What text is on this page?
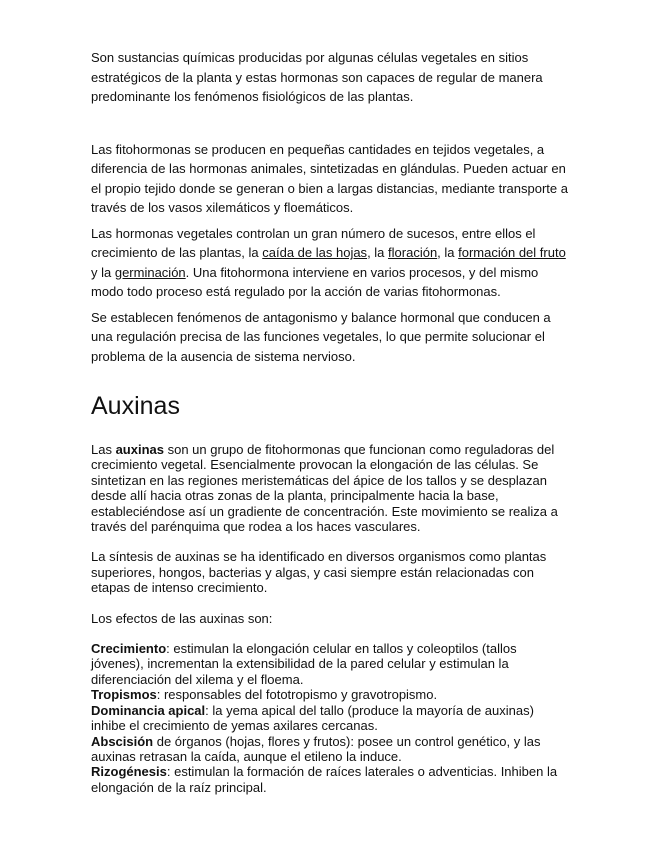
Son sustancias químicas producidas por algunas células vegetales en sitios estratégicos de la planta y estas hormonas son capaces de regular de manera predominante los fenómenos fisiológicos de las plantas.

Las fitohormonas se producen en pequeñas cantidades en tejidos vegetales, a diferencia de las hormonas animales, sintetizadas en glándulas. Pueden actuar en el propio tejido donde se generan o bien a largas distancias, mediante transporte a través de los vasos xilemáticos y floemáticos.

Las hormonas vegetales controlan un gran número de sucesos, entre ellos el crecimiento de las plantas, la caída de las hojas, la floración, la formación del fruto y la germinación. Una fitohormona interviene en varios procesos, y del mismo modo todo proceso está regulado por la acción de varias fitohormonas.

Se establecen fenómenos de antagonismo y balance hormonal que conducen a una regulación precisa de las funciones vegetales, lo que permite solucionar el problema de la ausencia de sistema nervioso.

Auxinas

Las auxinas son un grupo de fitohormonas que funcionan como reguladoras del crecimiento vegetal. Esencialmente provocan la elongación de las células. Se sintetizan en las regiones meristemáticas del ápice de los tallos y se desplazan desde allí hacia otras zonas de la planta, principalmente hacia la base, estableciéndose así un gradiente de concentración. Este movimiento se realiza a través del parénquima que rodea a los haces vasculares.

La síntesis de auxinas se ha identificado en diversos organismos como plantas superiores, hongos, bacterias y algas, y casi siempre están relacionadas con etapas de intenso crecimiento.

Los efectos de las auxinas son:

Crecimiento: estimulan la elongación celular en tallos y coleoptilos (tallos jóvenes), incrementan la extensibilidad de la pared celular y estimulan la diferenciación del xilema y el floema.
Tropismos: responsables del fototropismo y gravotropismo.
Dominancia apical: la yema apical del tallo (produce la mayoría de auxinas) inhibe el crecimiento de yemas axilares cercanas.
Abscisión de órganos (hojas, flores y frutos): posee un control genético, y las auxinas retrasan la caída, aunque el etileno la induce.
Rizogénesis: estimulan la formación de raíces laterales o adventicias. Inhiben la elongación de la raíz principal.
